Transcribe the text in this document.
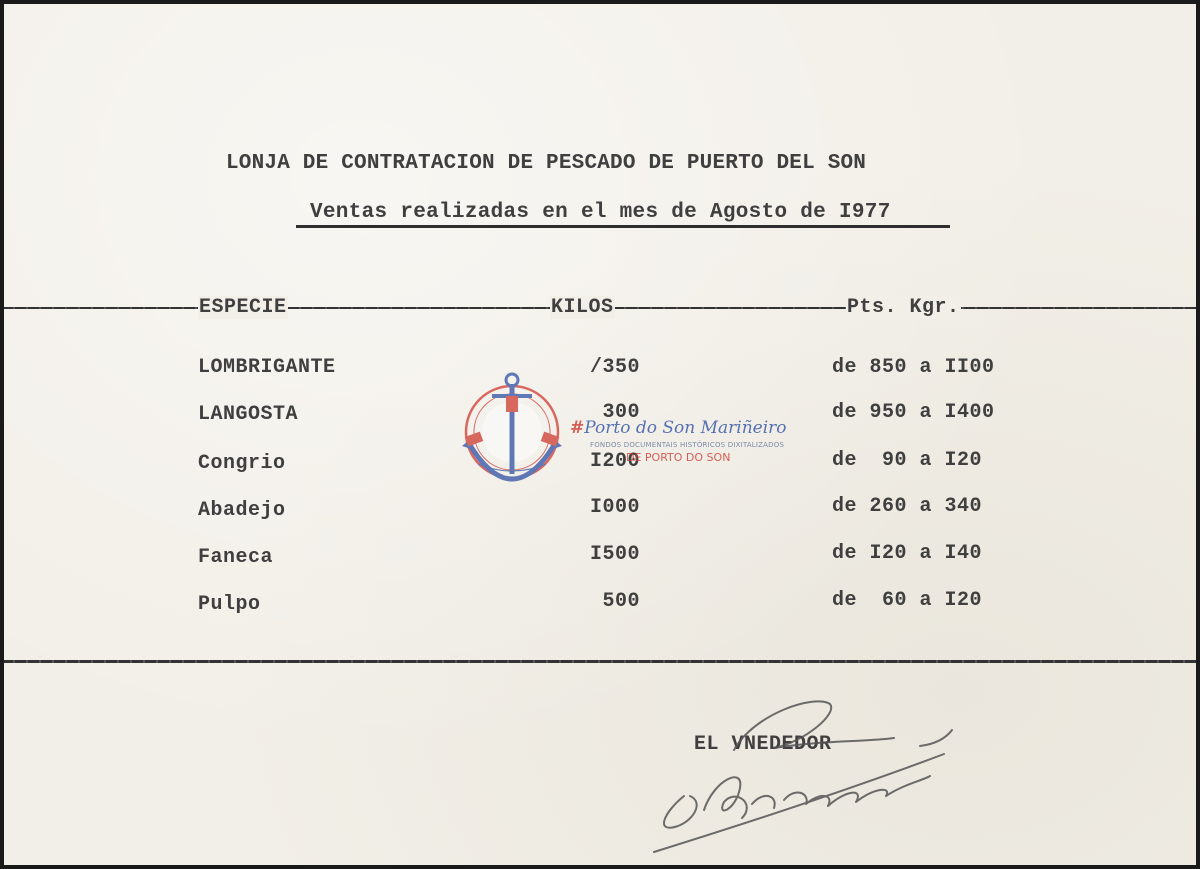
LONJA DE CONTRATACION DE PESCADO DE PUERTO DEL SON
Ventas realizadas en el mes de Agosto de I977
ESPECIE	KILOS	Pts. Kgr.
LOMBRIGANTE	/350	de 850 a II00
LANGOSTA	300	de 950 a I400
Congrio	I200	de  90 a I20
Abadejo	I000	de 260 a 340
Faneca	I500	de I20 a I40
Pulpo	500	de  60 a I20
#Porto do Son Mariñeiro
FONDOS DOCUMENTAIS HISTÓRICOS DIXITALIZADOS
DE PORTO DO SON
EL VNEDEDOR
